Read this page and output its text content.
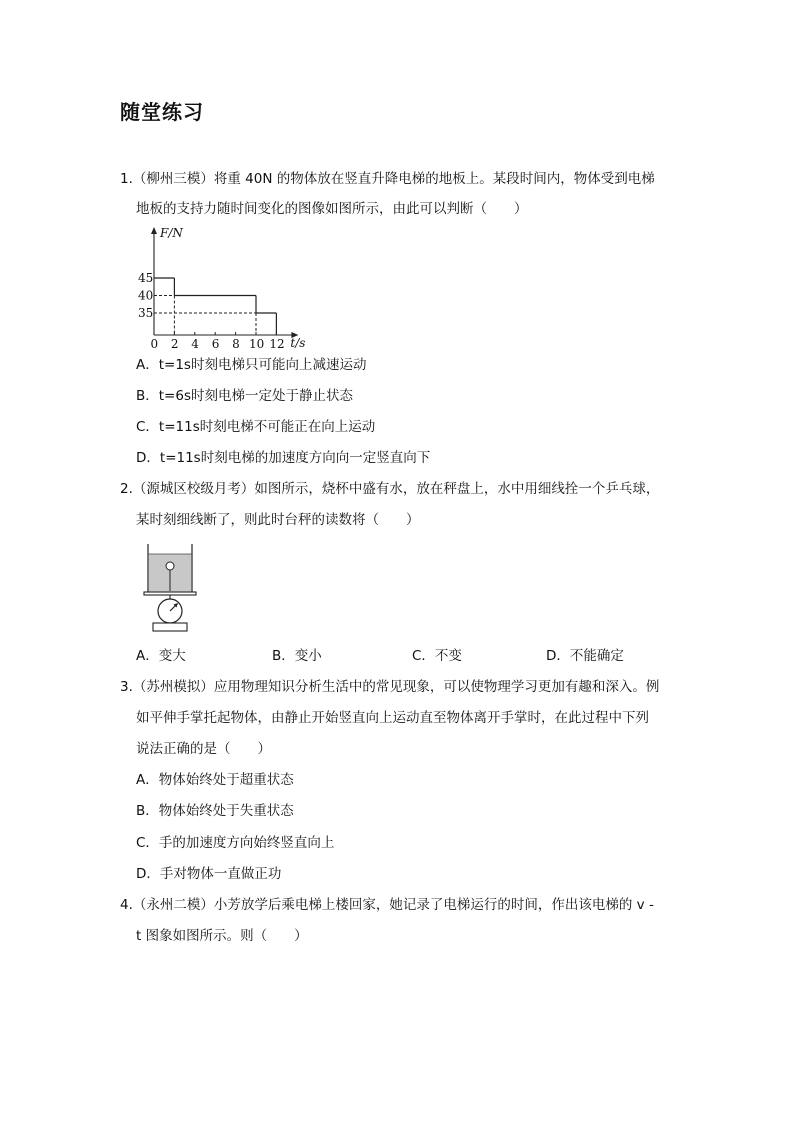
随堂练习
1.（柳州三模）将重 40N 的物体放在竖直升降电梯的地板上。某段时间内，物体受到电梯
地板的支持力随时间变化的图像如图所示，由此可以判断（　　）
F/N
t/s
0 2 4 6 8 10 12
45
40
35
A．t=1s时刻电梯只可能向上减速运动
B．t=6s时刻电梯一定处于静止状态
C．t=11s时刻电梯不可能正在向上运动
D．t=11s时刻电梯的加速度方向向一定竖直向下
2.（源城区校级月考）如图所示，烧杯中盛有水，放在秤盘上，水中用细线拴一个乒乓球，
某时刻细线断了，则此时台秤的读数将（　　）
A．变大	B．变小	C．不变	D．不能确定
3.（苏州模拟）应用物理知识分析生活中的常见现象，可以使物理学习更加有趣和深入。例
如平伸手掌托起物体，由静止开始竖直向上运动直至物体离开手掌时，在此过程中下列
说法正确的是（　　）
A．物体始终处于超重状态
B．物体始终处于失重状态
C．手的加速度方向始终竖直向上
D．手对物体一直做正功
4.（永州二模）小芳放学后乘电梯上楼回家，她记录了电梯运行的时间，作出该电梯的 v -
t 图象如图所示。则（　　）
